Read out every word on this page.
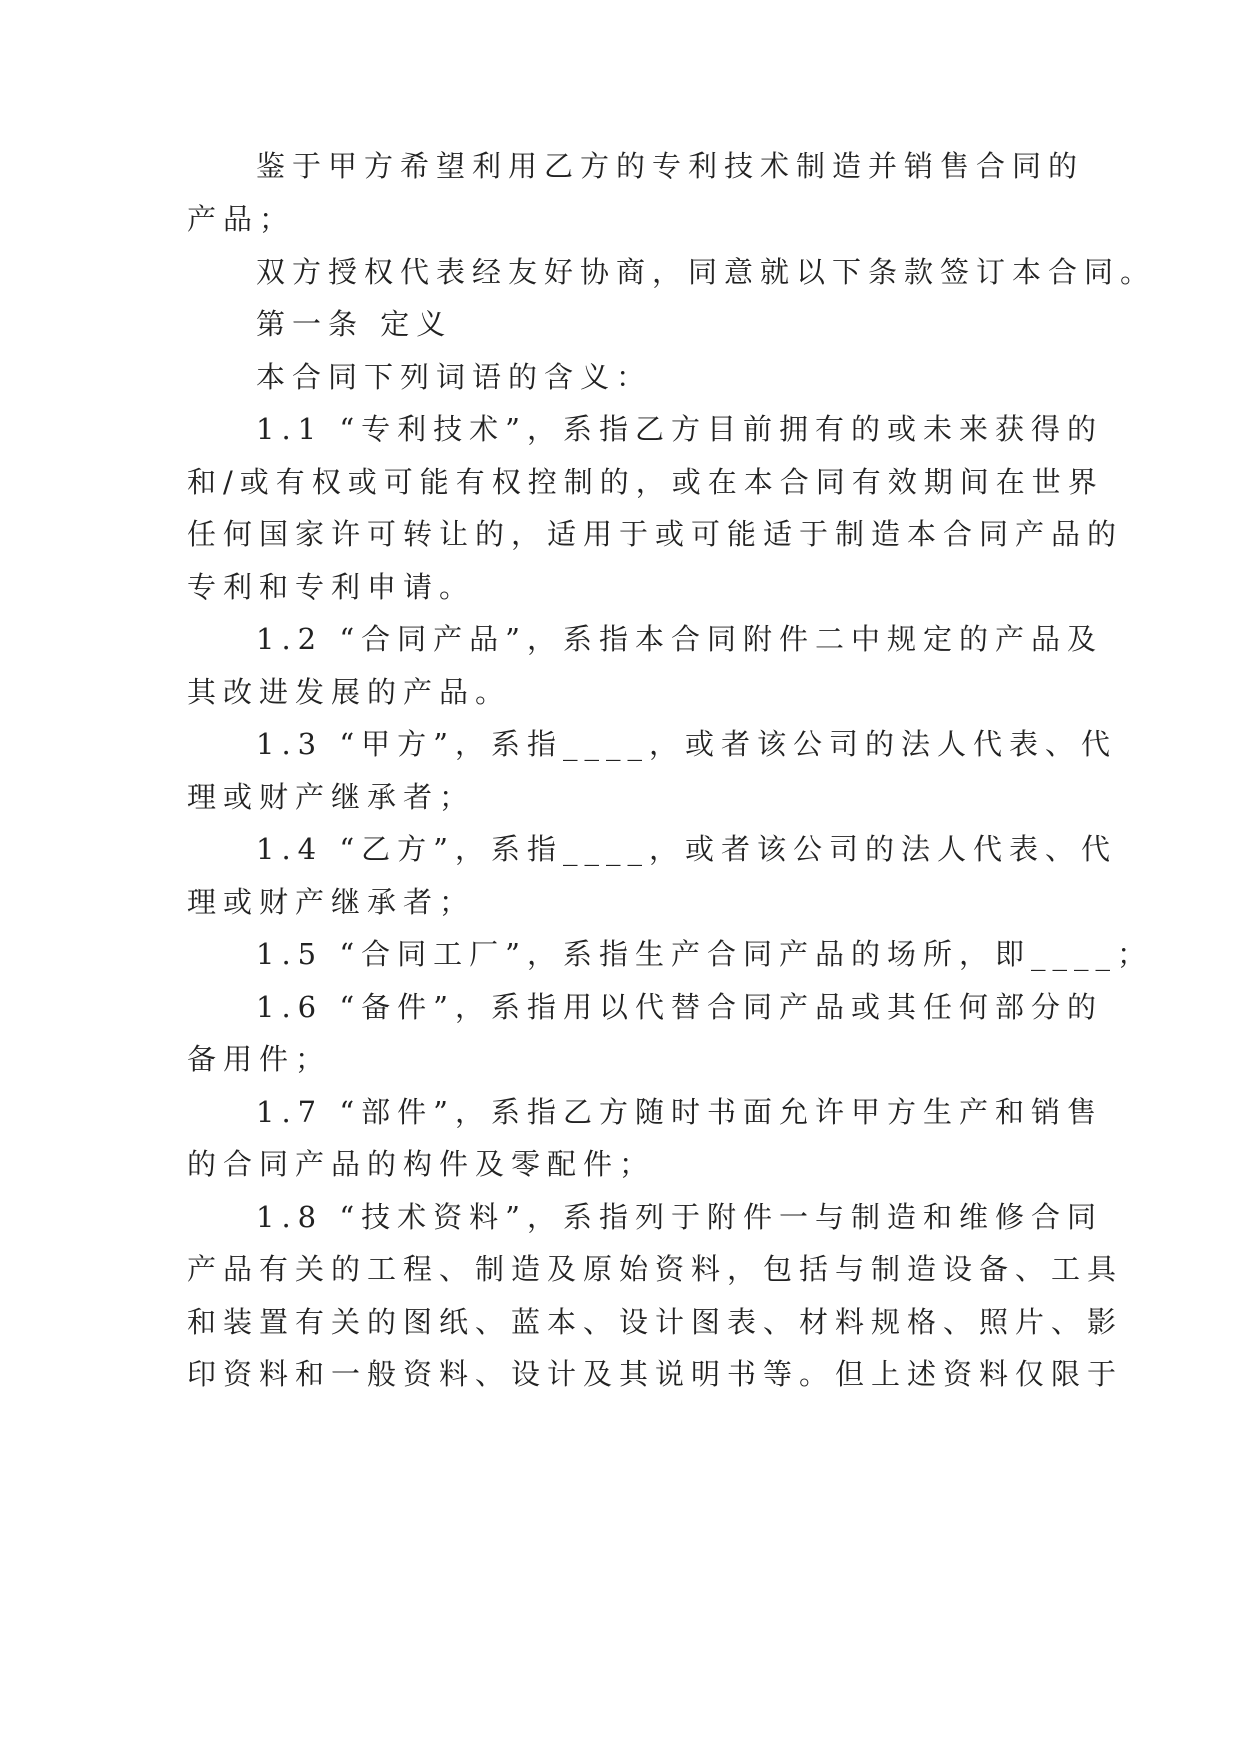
鉴于甲方希望利用乙方的专利技术制造并销售合同的
产品；
双方授权代表经友好协商，同意就以下条款签订本合同。
第一条 定义
本合同下列词语的含义：
1.1 “专利技术”，系指乙方目前拥有的或未来获得的
和/或有权或可能有权控制的，或在本合同有效期间在世界
任何国家许可转让的，适用于或可能适于制造本合同产品的
专利和专利申请。
1.2 “合同产品”，系指本合同附件二中规定的产品及
其改进发展的产品。
1.3 “甲方”，系指____，或者该公司的法人代表、代
理或财产继承者；
1.4 “乙方”，系指____，或者该公司的法人代表、代
理或财产继承者；
1.5 “合同工厂”，系指生产合同产品的场所，即____；
1.6 “备件”，系指用以代替合同产品或其任何部分的
备用件；
1.7 “部件”，系指乙方随时书面允许甲方生产和销售
的合同产品的构件及零配件；
1.8 “技术资料”，系指列于附件一与制造和维修合同
产品有关的工程、制造及原始资料，包括与制造设备、工具
和装置有关的图纸、蓝本、设计图表、材料规格、照片、影
印资料和一般资料、设计及其说明书等。但上述资料仅限于
